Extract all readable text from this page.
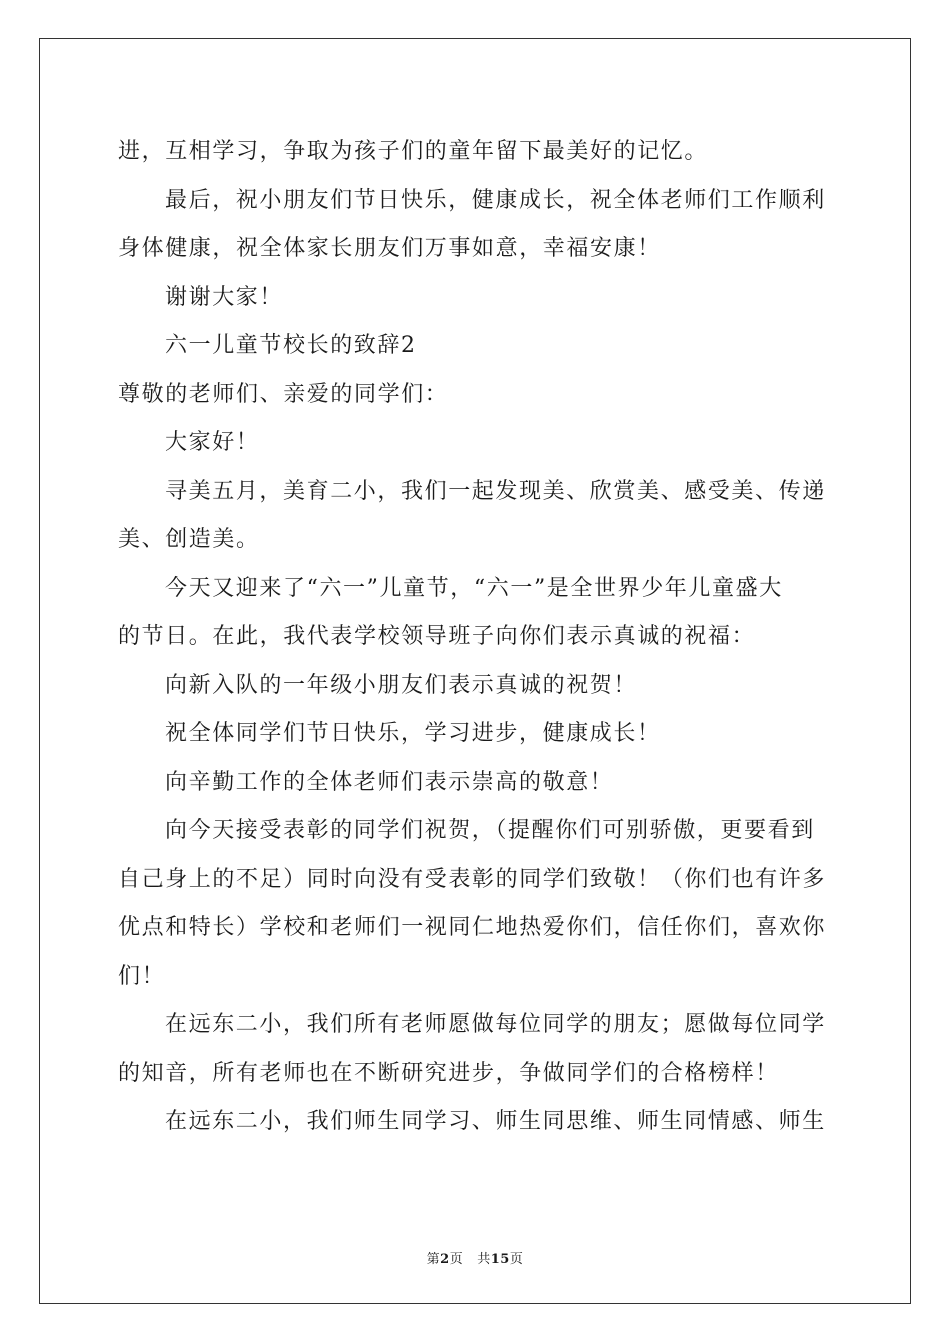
进，互相学习，争取为孩子们的童年留下最美好的记忆。
最后，祝小朋友们节日快乐，健康成长，祝全体老师们工作顺利
身体健康，祝全体家长朋友们万事如意，幸福安康！
谢谢大家！
六一儿童节校长的致辞2
尊敬的老师们、亲爱的同学们：
大家好！
寻美五月，美育二小，我们一起发现美、欣赏美、感受美、传递
美、创造美。
今天又迎来了“六一”儿童节，“六一”是全世界少年儿童盛大
的节日。在此，我代表学校领导班子向你们表示真诚的祝福：
向新入队的一年级小朋友们表示真诚的祝贺！
祝全体同学们节日快乐，学习进步，健康成长！
向辛勤工作的全体老师们表示崇高的敬意！
向今天接受表彰的同学们祝贺，（提醒你们可别骄傲，更要看到
自己身上的不足）同时向没有受表彰的同学们致敬！（你们也有许多
优点和特长）学校和老师们一视同仁地热爱你们，信任你们，喜欢你
们！
在远东二小，我们所有老师愿做每位同学的朋友；愿做每位同学
的知音，所有老师也在不断研究进步，争做同学们的合格榜样！
在远东二小，我们师生同学习、师生同思维、师生同情感、师生
第2页 共15页
